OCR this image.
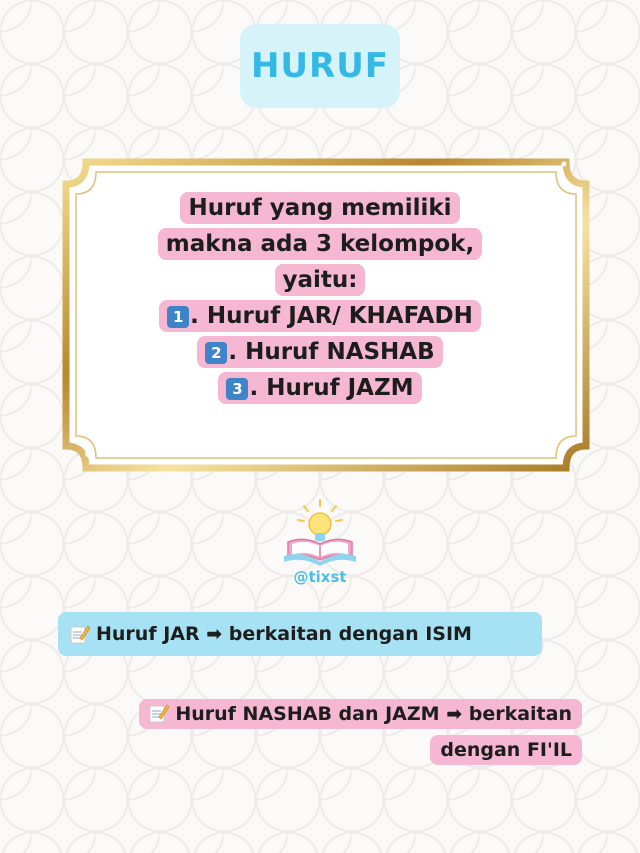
HURUF
Huruf yang memiliki
makna ada 3 kelompok,
yaitu:
1 . Huruf JAR/ KHAFADH
2 . Huruf NASHAB
3 . Huruf JAZM
@tixst
Huruf JAR
➡
berkaitan dengan ISIM
Huruf NASHAB dan JAZM ➡ berkaitan
dengan FI'IL
